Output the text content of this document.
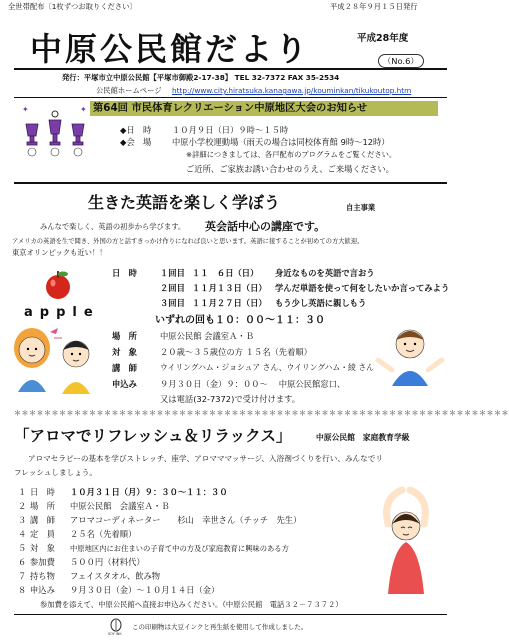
全世帯配布〔1枚ずつお取りください〕	平成２８年９月１５日発行
中原公民館だより	平成28年度
（No.6）
発行：平塚市立中原公民館【平塚市御殿2-17-38】 TEL 32-7372 FAX 35-2534
公民館ホームページ http://www.city.hiratsuka.kanagawa.jp/kouminkan/tikukoutop.htm
第64回 市民体育レクリエーション中原地区大会のお知らせ
✦	✦
◆日　時 １０月９日（日）９時～１５時
◆会　場 中原小学校運動場（雨天の場合は同校体育館 9時～12時）
※詳細につきましては、各戸配布のプログラムをご覧ください。
ご近所、ご家族お誘い合わせのうえ、ご来場ください。
生きた英語を楽しく学ぼう	自主事業
みんなで楽しく、英語の初歩から学びます。 英会話中心の講座です。
アメリカの英語を生で聞き、外国の方と話すきっかけ作りになれば良いと思います。英語に接することが初めての方大歓迎。
東京オリンピックも近い！！
apple
日　時	１回目 １１　６日（日） 身近なものを英語で言おう
２回目 １１月１３日（日） 学んだ単語を使って何をしたいか言ってみよう
３回目 １１月２７日（日） もう少し英語に親しもう
いずれの回も１０：００～１１：３０
場　所	中原公民館 会議室Ａ・Ｂ
対　象	２０歳～３５歳位の方 １５名（先着順）
講　師	ウイリングハム・ジョシュア さん、ウイリングハム・綾 さん
申込み	９月３０日（金）９：００～　 中原公民館窓口、
又は電話(32-7372)で受け付けます。
＊＊＊＊＊＊＊＊＊＊＊＊＊＊＊＊＊＊＊＊＊＊＊＊＊＊＊＊＊＊＊＊＊＊＊＊＊＊＊＊＊＊＊＊＊＊＊＊＊＊＊＊＊＊＊＊＊＊＊＊＊＊＊＊＊＊
「アロマでリフレッシュ＆リラックス」	中原公民館　家庭教育学級
アロマセラピーの基本を学びストレッチ、座学、アロマママッサージ、入浴剤づくりを行い、みんなでリ
フレッシュしましょう。
１ 日　時 １０月３１日（月）９：３０～１１：３０
２ 場　所 中原公民館　会議室Ａ・Ｂ
３ 講　師 アロマコーディネーター　　杉山　幸世さん（チッチ　先生）
４ 定　員 ２５名（先着順）
５ 対　象 中原地区内にお住まいの子育て中の方及び家庭教育に興味のある方
６ 参加費 ５００円（材料代）
７ 持ち物 フェイスタオル、飲み物
８ 申込み ９月３０日（金）～１０月１４日（金）
参加費を添えて、中原公民館へ直接お申込みください。（中原公民館　電話３２－７３７２）
SOY INK
この印刷物は大豆インクと再生紙を使用して作成しました。
